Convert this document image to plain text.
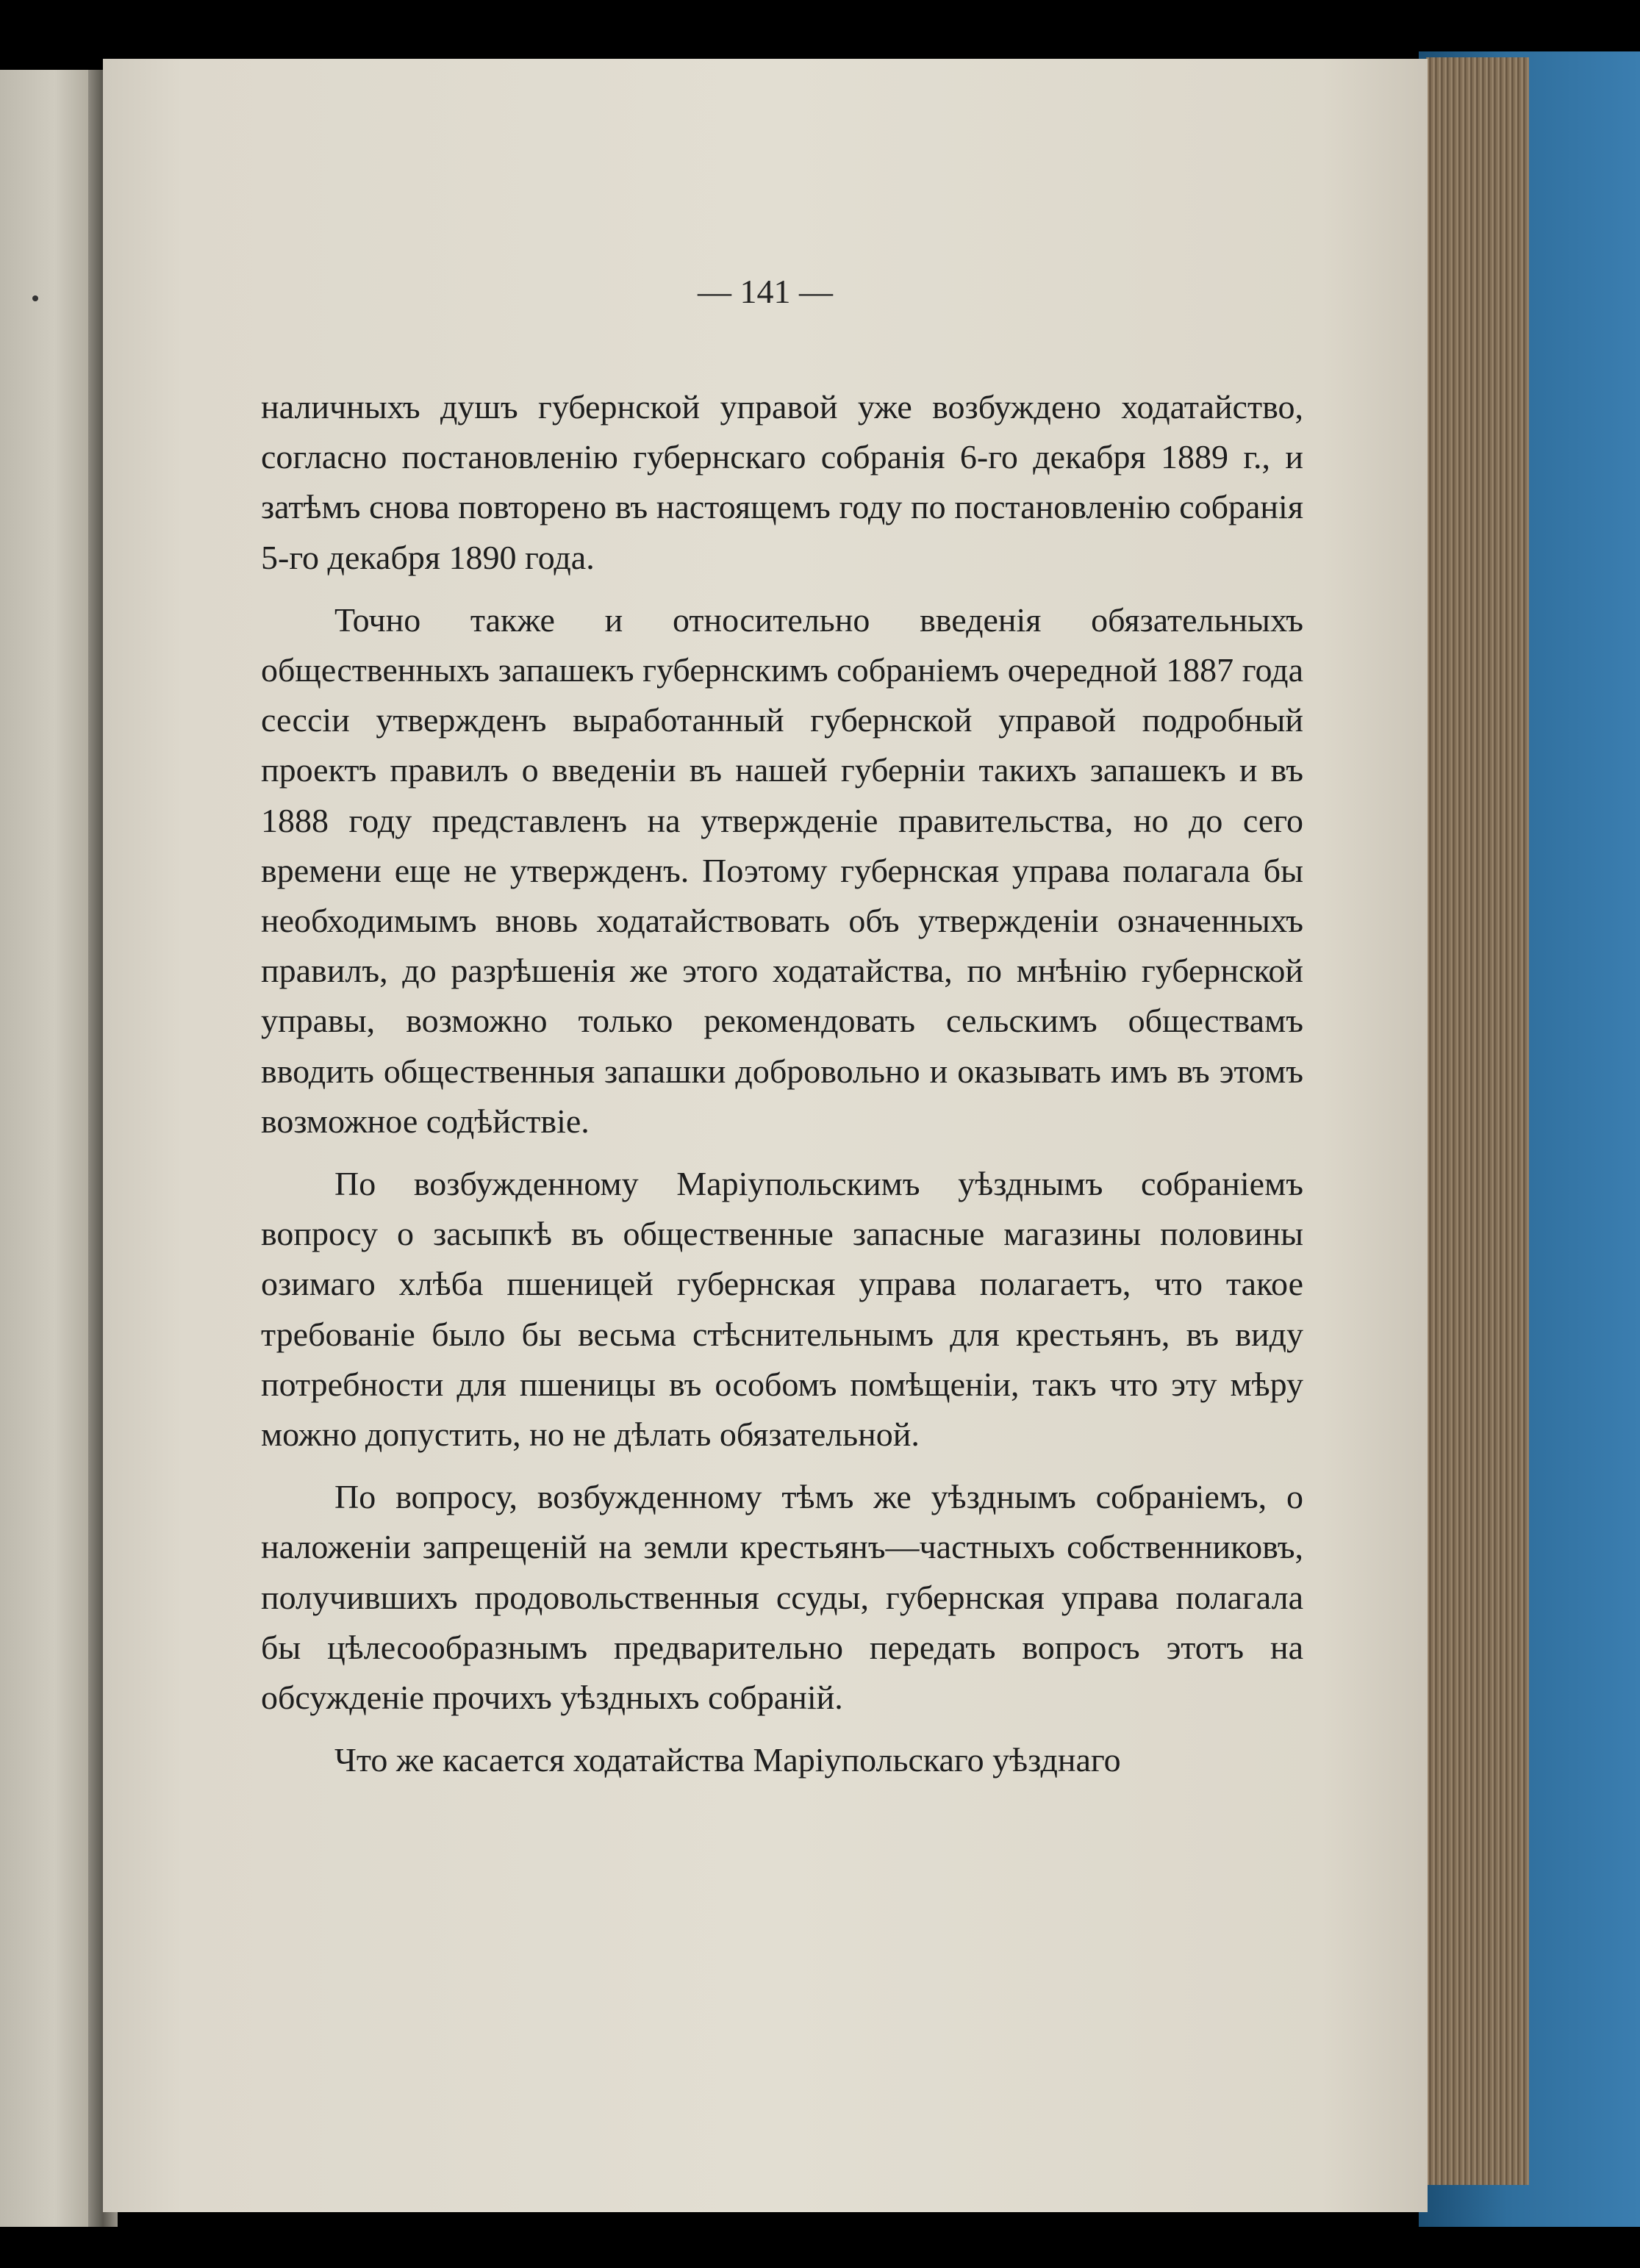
— 141 —

наличныхъ душъ губернской управой уже возбуждено ходатайство, согласно постановленію губернскаго собранія 6-го декабря 1889 г., и затѣмъ снова повторено въ настоящемъ году по постановленію собранія 5-го декабря 1890 года.

Точно также и относительно введенія обязательныхъ общественныхъ запашекъ губернскимъ собраніемъ очередной 1887 года сессіи утвержденъ выработанный губернской управой подробный проектъ правилъ о введеніи въ нашей губерніи такихъ запашекъ и въ 1888 году представленъ на утвержденіе правительства, но до сего времени еще не утвержденъ. Поэтому губернская управа полагала бы необходимымъ вновь ходатайствовать объ утвержденіи означенныхъ правилъ, до разрѣшенія же этого ходатайства, по мнѣнію губернской управы, возможно только рекомендовать сельскимъ обществамъ вводить общественныя запашки добровольно и оказывать имъ въ этомъ возможное содѣйствіе.

По возбужденному Маріупольскимъ уѣзднымъ собраніемъ вопросу о засыпкѣ въ общественные запасные магазины половины озимаго хлѣба пшеницей губернская управа полагаетъ, что такое требованіе было бы весьма стѣснительнымъ для крестьянъ, въ виду потребности для пшеницы въ особомъ помѣщеніи, такъ что эту мѣру можно допустить, но не дѣлать обязательной.

По вопросу, возбужденному тѣмъ же уѣзднымъ собраніемъ, о наложеніи запрещеній на земли крестьянъ—частныхъ собственниковъ, получившихъ продовольственныя ссуды, губернская управа полагала бы цѣлесообразнымъ предварительно передать вопросъ этотъ на обсужденіе прочихъ уѣздныхъ собраній.

Что же касается ходатайства Маріупольскаго уѣзднаго
